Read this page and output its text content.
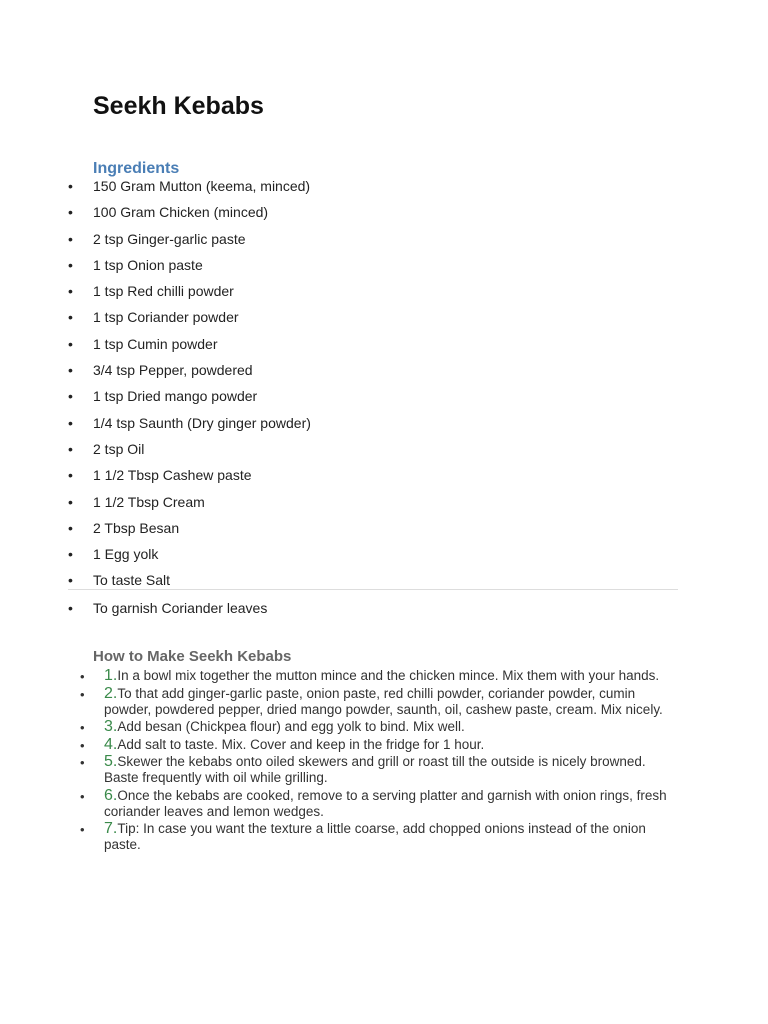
Seekh Kebabs
Ingredients
• 150 Gram Mutton (keema, minced)
• 100 Gram Chicken (minced)
• 2 tsp Ginger-garlic paste
• 1 tsp Onion paste
• 1 tsp Red chilli powder
• 1 tsp Coriander powder
• 1 tsp Cumin powder
• 3/4 tsp Pepper, powdered
• 1 tsp Dried mango powder
• 1/4 tsp Saunth (Dry ginger powder)
• 2 tsp Oil
• 1 1/2 Tbsp Cashew paste
• 1 1/2 Tbsp Cream
• 2 Tbsp Besan
• 1 Egg yolk
• To taste Salt
• To garnish Coriander leaves
How to Make Seekh Kebabs
• 1.In a bowl mix together the mutton mince and the chicken mince. Mix them with your hands.
• 2.To that add ginger-garlic paste, onion paste, red chilli powder, coriander powder, cumin powder, powdered pepper, dried mango powder, saunth, oil, cashew paste, cream. Mix nicely.
• 3.Add besan (Chickpea flour) and egg yolk to bind. Mix well.
• 4.Add salt to taste. Mix. Cover and keep in the fridge for 1 hour.
• 5.Skewer the kebabs onto oiled skewers and grill or roast till the outside is nicely browned. Baste frequently with oil while grilling.
• 6.Once the kebabs are cooked, remove to a serving platter and garnish with onion rings, fresh coriander leaves and lemon wedges.
• 7.Tip: In case you want the texture a little coarse, add chopped onions instead of the onion paste.
